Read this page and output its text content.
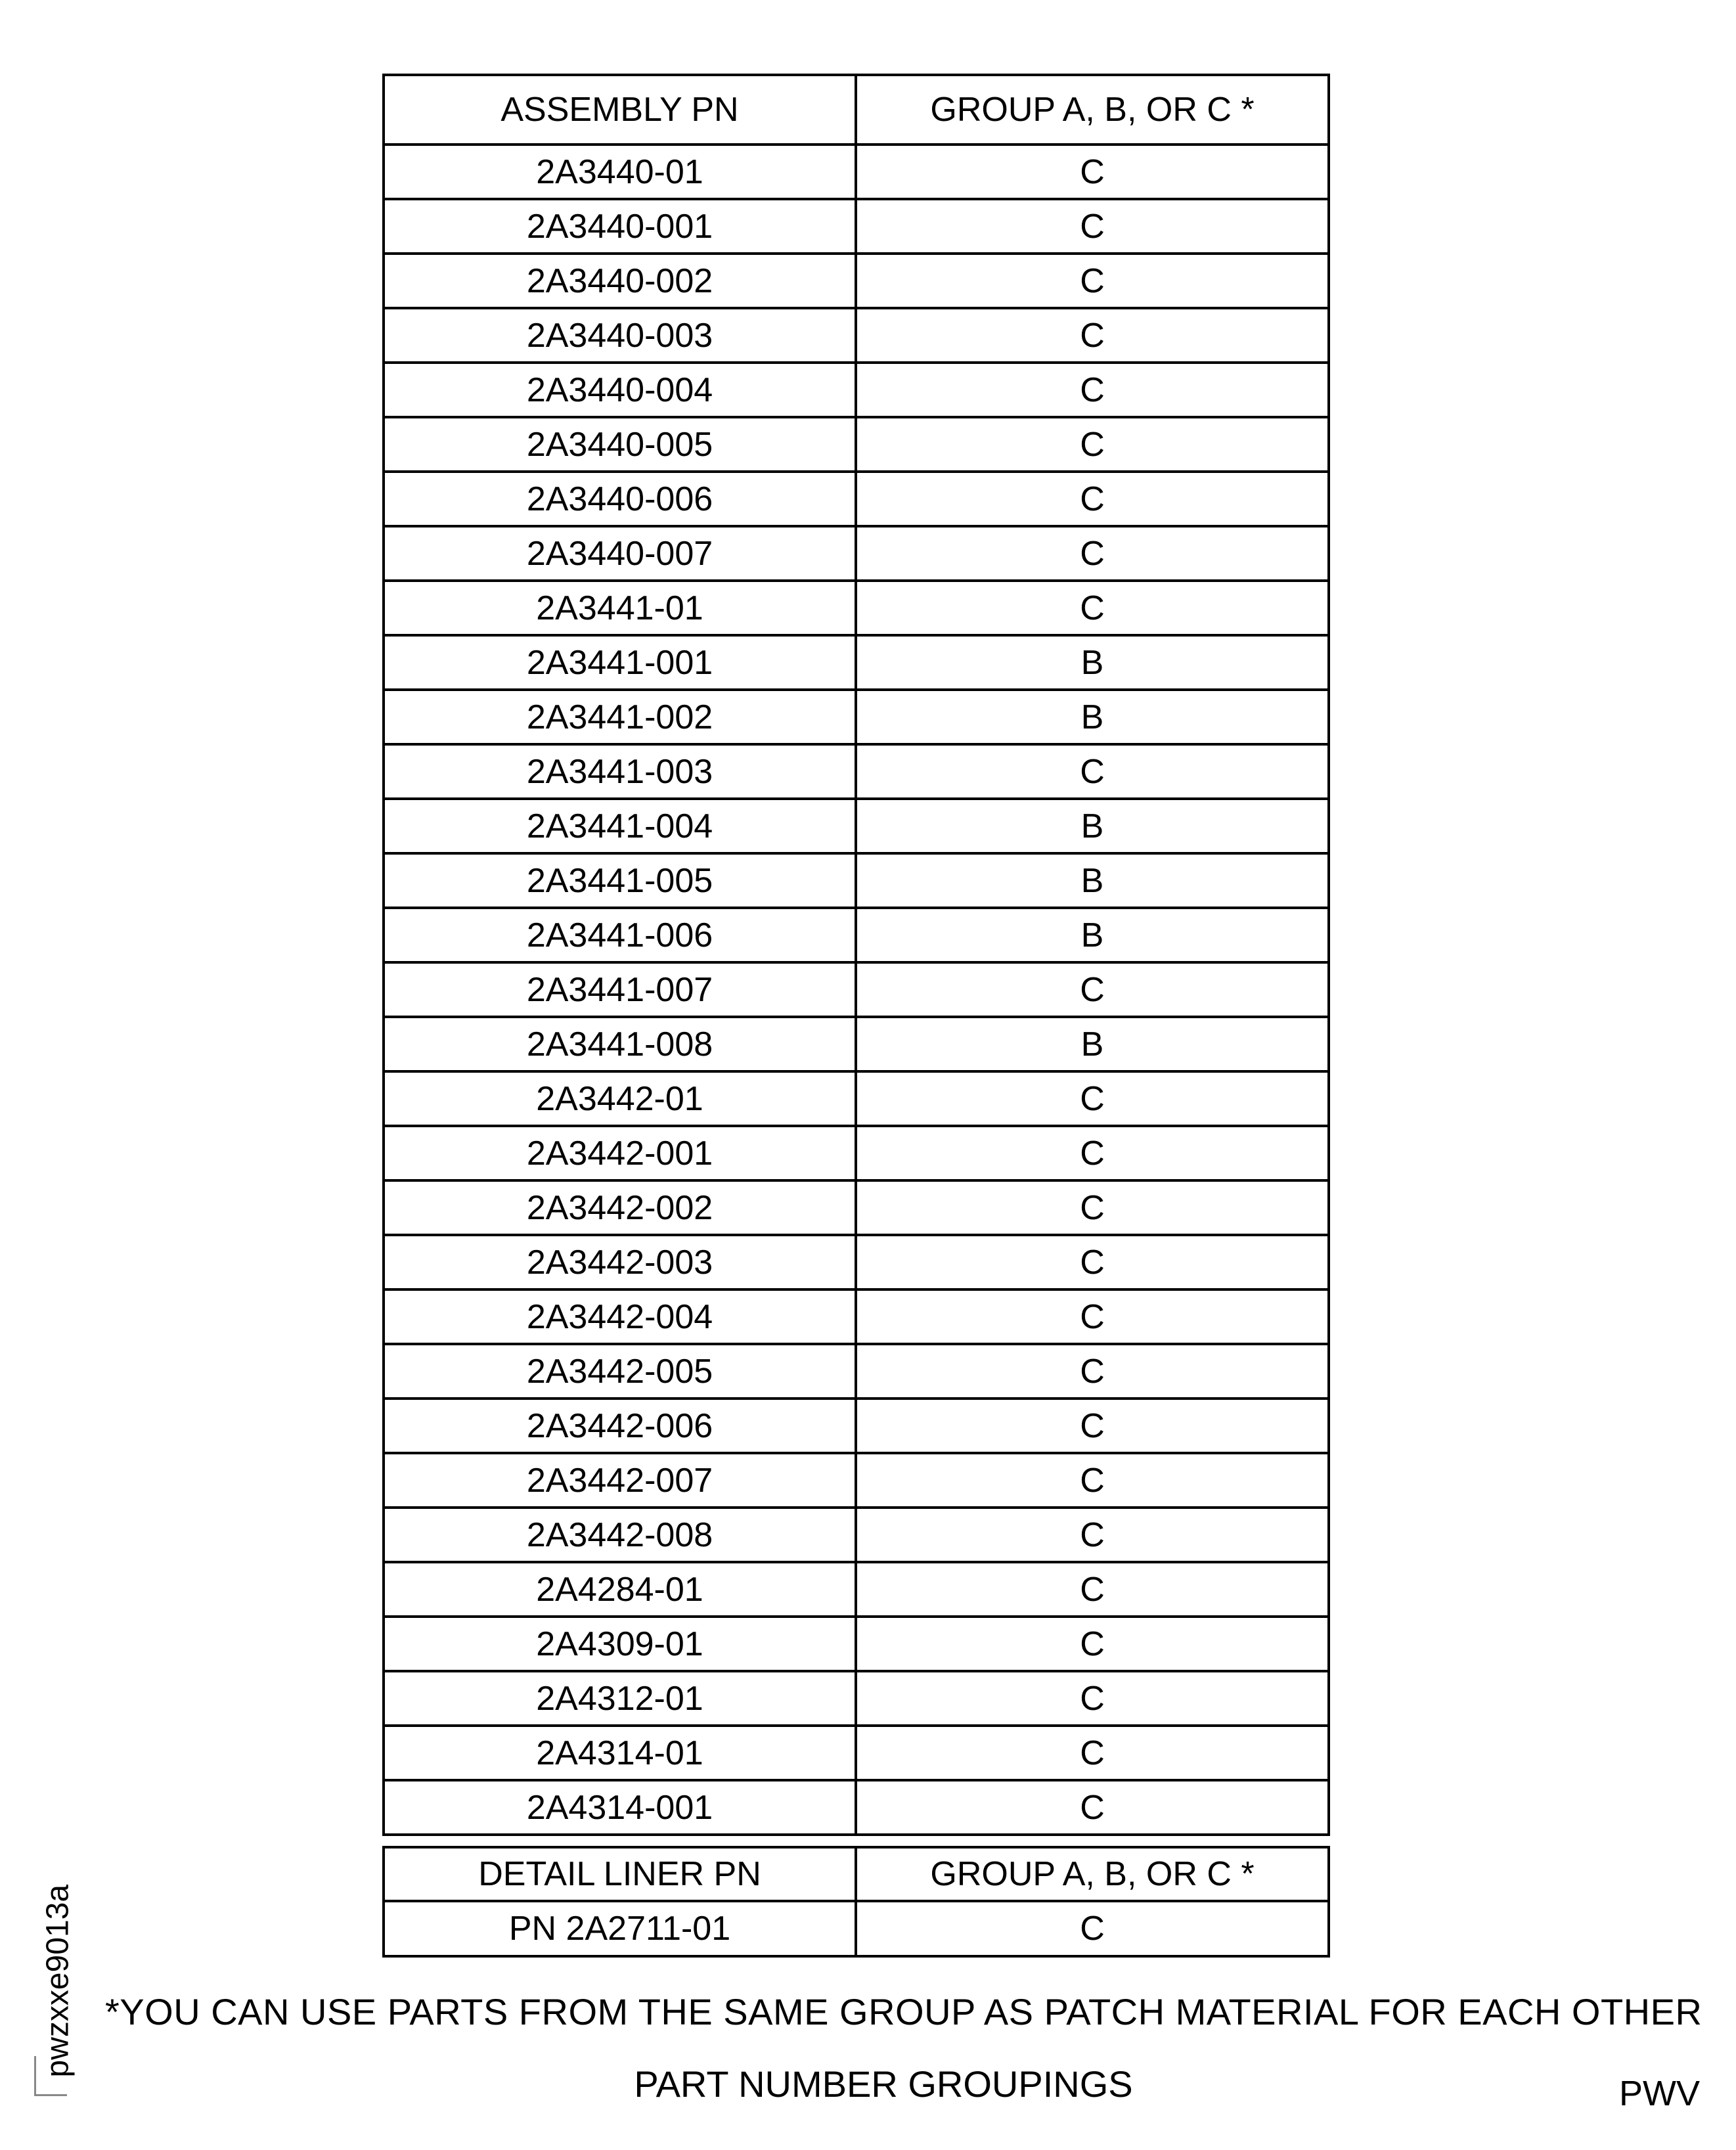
ASSEMBLY PN	GROUP A, B, OR C *
2A3440-01	C
2A3440-001	C
2A3440-002	C
2A3440-003	C
2A3440-004	C
2A3440-005	C
2A3440-006	C
2A3440-007	C
2A3441-01	C
2A3441-001	B
2A3441-002	B
2A3441-003	C
2A3441-004	B
2A3441-005	B
2A3441-006	B
2A3441-007	C
2A3441-008	B
2A3442-01	C
2A3442-001	C
2A3442-002	C
2A3442-003	C
2A3442-004	C
2A3442-005	C
2A3442-006	C
2A3442-007	C
2A3442-008	C
2A4284-01	C
2A4309-01	C
2A4312-01	C
2A4314-01	C
2A4314-001	C
DETAIL LINER PN	GROUP A, B, OR C *
PN 2A2711-01	C
*YOU CAN USE PARTS FROM THE SAME GROUP AS PATCH MATERIAL FOR EACH OTHER
PART NUMBER GROUPINGS	PWV
pwzxxe9013a
